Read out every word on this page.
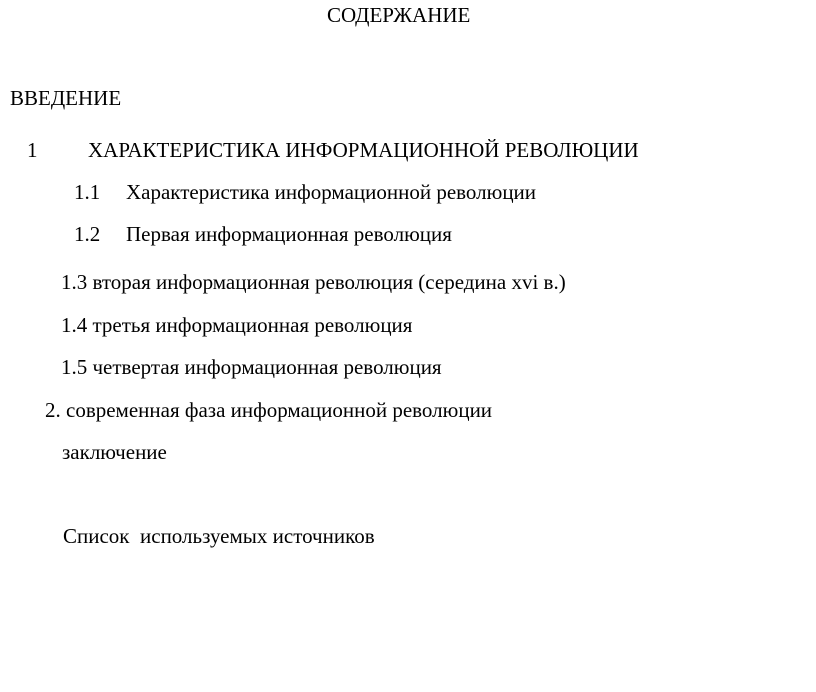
СОДЕРЖАНИЕ
ВВЕДЕНИЕ
1 ХАРАКТЕРИСТИКА ИНФОРМАЦИОННОЙ РЕВОЛЮЦИИ
1.1 Характеристика информационной революции
1.2 Первая информационная революция
1.3 вторая информационная революция (середина xvi в.)
1.4 третья информационная революция
1.5 четвертая информационная революция
2. современная фаза информационной революции
заключение
Список  используемых источников
